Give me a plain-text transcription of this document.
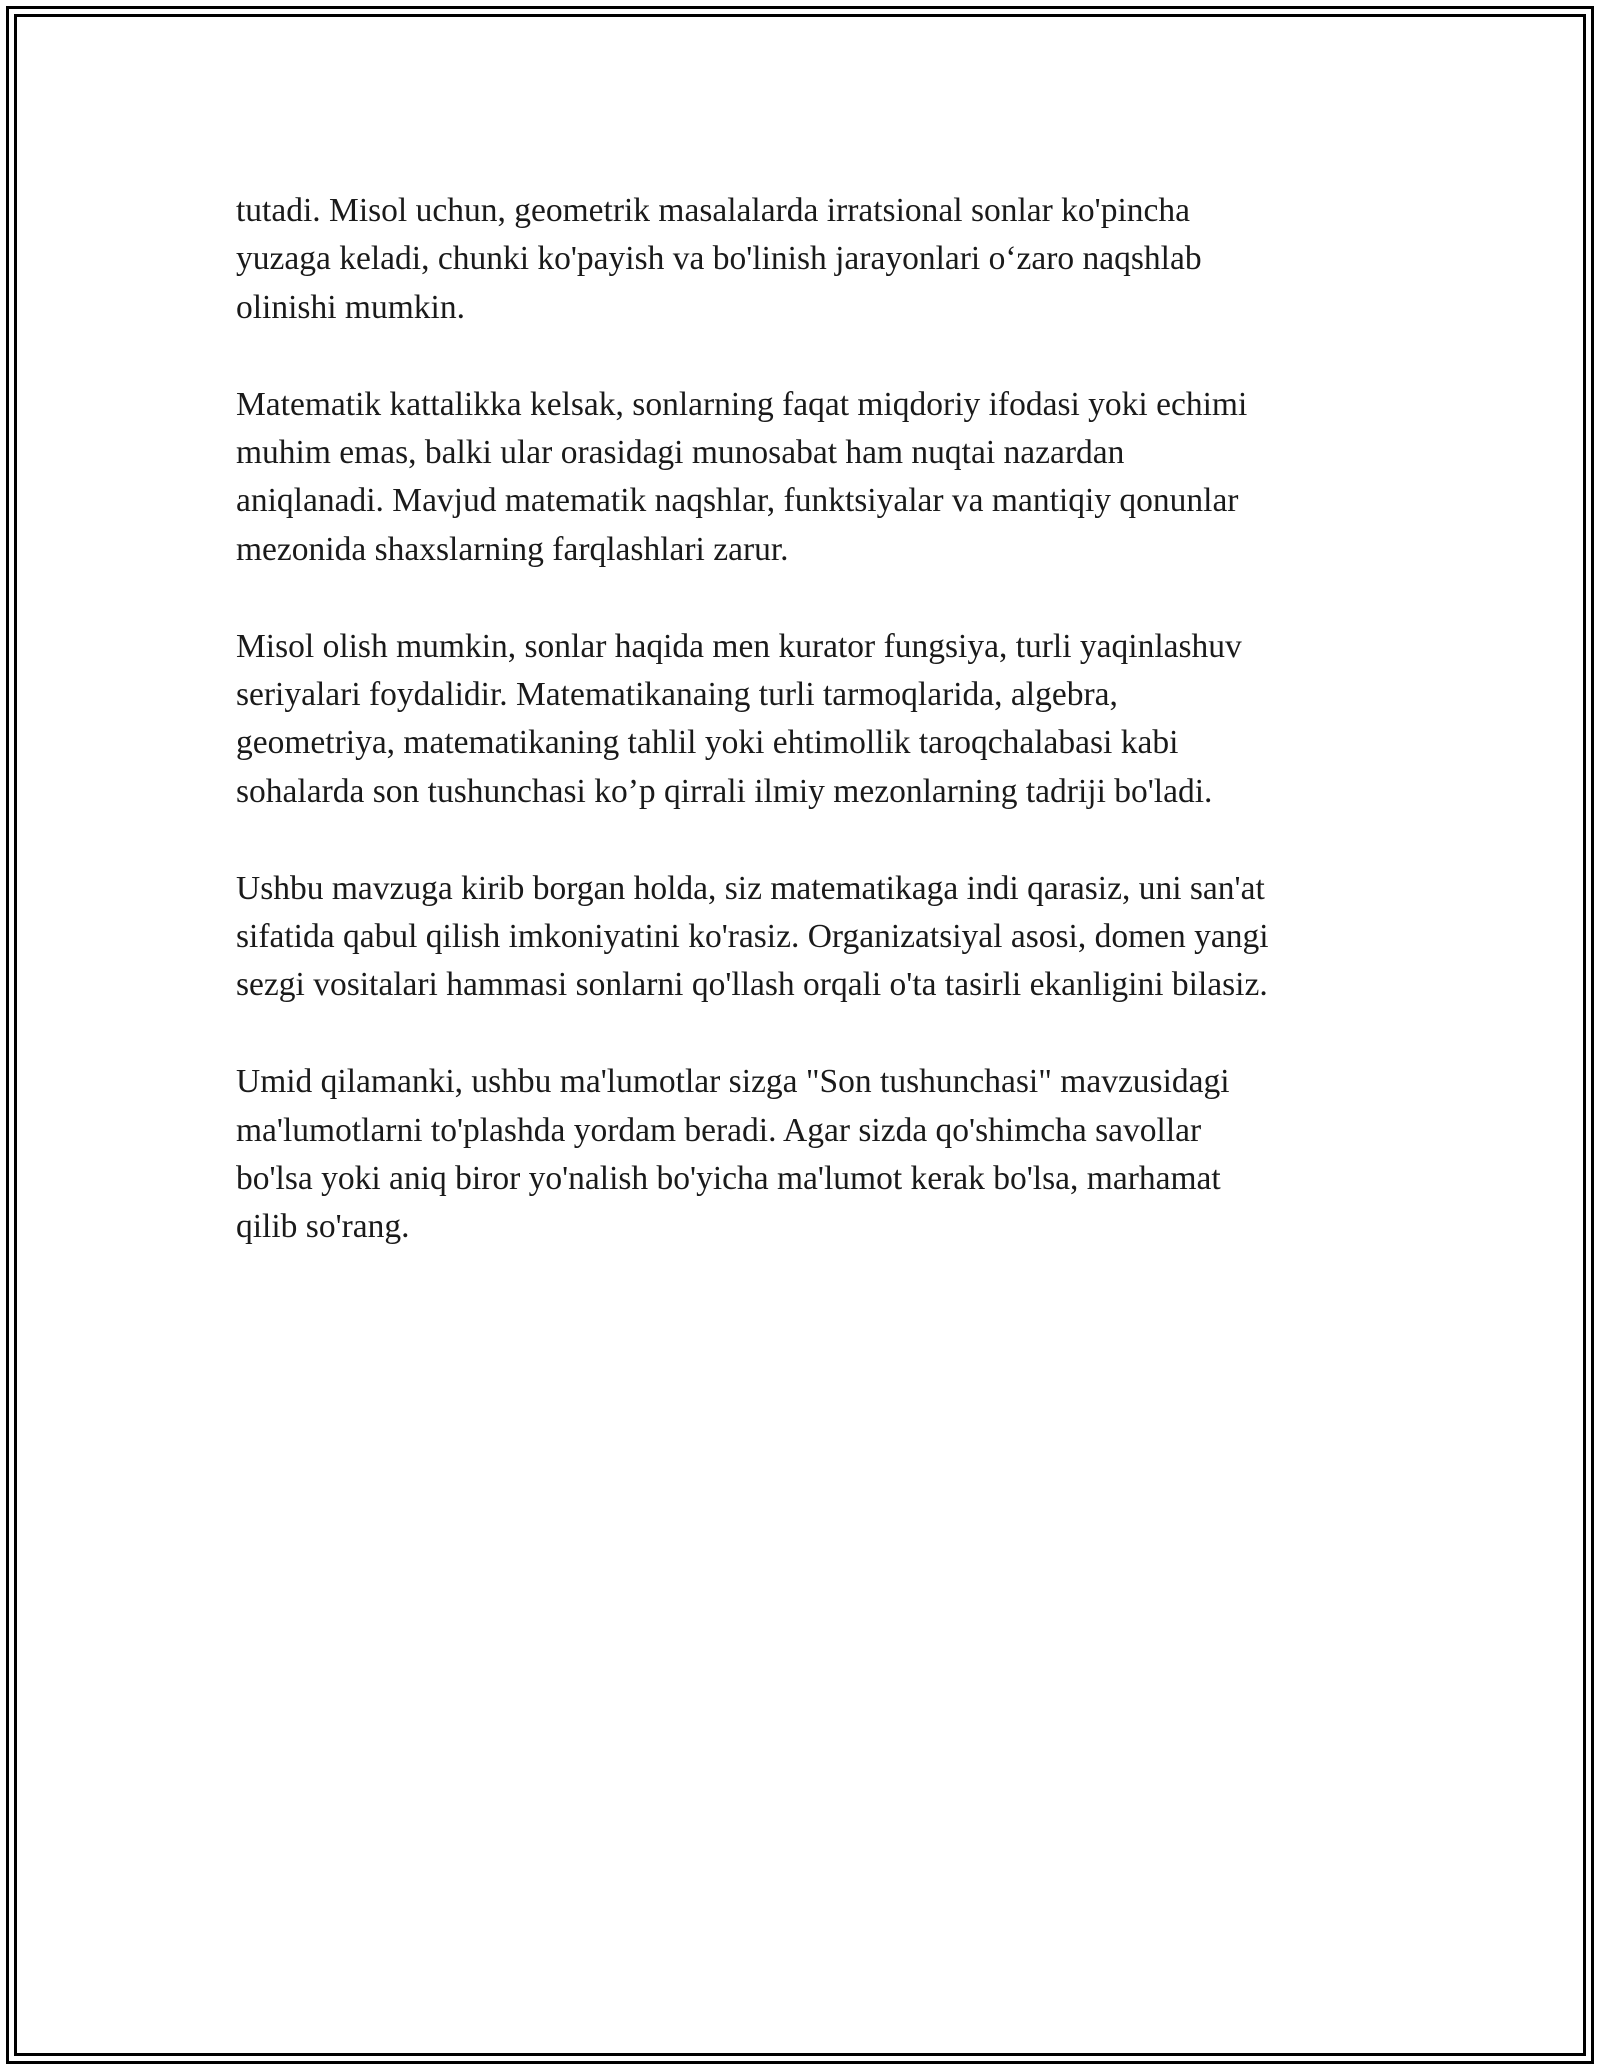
tutadi. Misol uchun, geometrik masalalarda irratsional sonlar ko'pincha
yuzaga keladi, chunki ko'payish va bo'linish jarayonlari o‘zaro naqshlab
olinishi mumkin.

Matematik kattalikka kelsak, sonlarning faqat miqdoriy ifodasi yoki echimi
muhim emas, balki ular orasidagi munosabat ham nuqtai nazardan
aniqlanadi. Mavjud matematik naqshlar, funktsiyalar va mantiqiy qonunlar
mezonida shaxslarning farqlashlari zarur.

Misol olish mumkin, sonlar haqida men kurator fungsiya, turli yaqinlashuv
seriyalari foydalidir. Matematikanaing turli tarmoqlarida, algebra,
geometriya, matematikaning tahlil yoki ehtimollik taroqchalabasi kabi
sohalarda son tushunchasi ko’p qirrali ilmiy mezonlarning tadriji bo'ladi.

Ushbu mavzuga kirib borgan holda, siz matematikaga indi qarasiz, uni san'at
sifatida qabul qilish imkoniyatini ko'rasiz. Organizatsiyal asosi, domen yangi
sezgi vositalari hammasi sonlarni qo'llash orqali o'ta tasirli ekanligini bilasiz.

Umid qilamanki, ushbu ma'lumotlar sizga "Son tushunchasi" mavzusidagi
ma'lumotlarni to'plashda yordam beradi. Agar sizda qo'shimcha savollar
bo'lsa yoki aniq biror yo'nalish bo'yicha ma'lumot kerak bo'lsa, marhamat
qilib so'rang.
